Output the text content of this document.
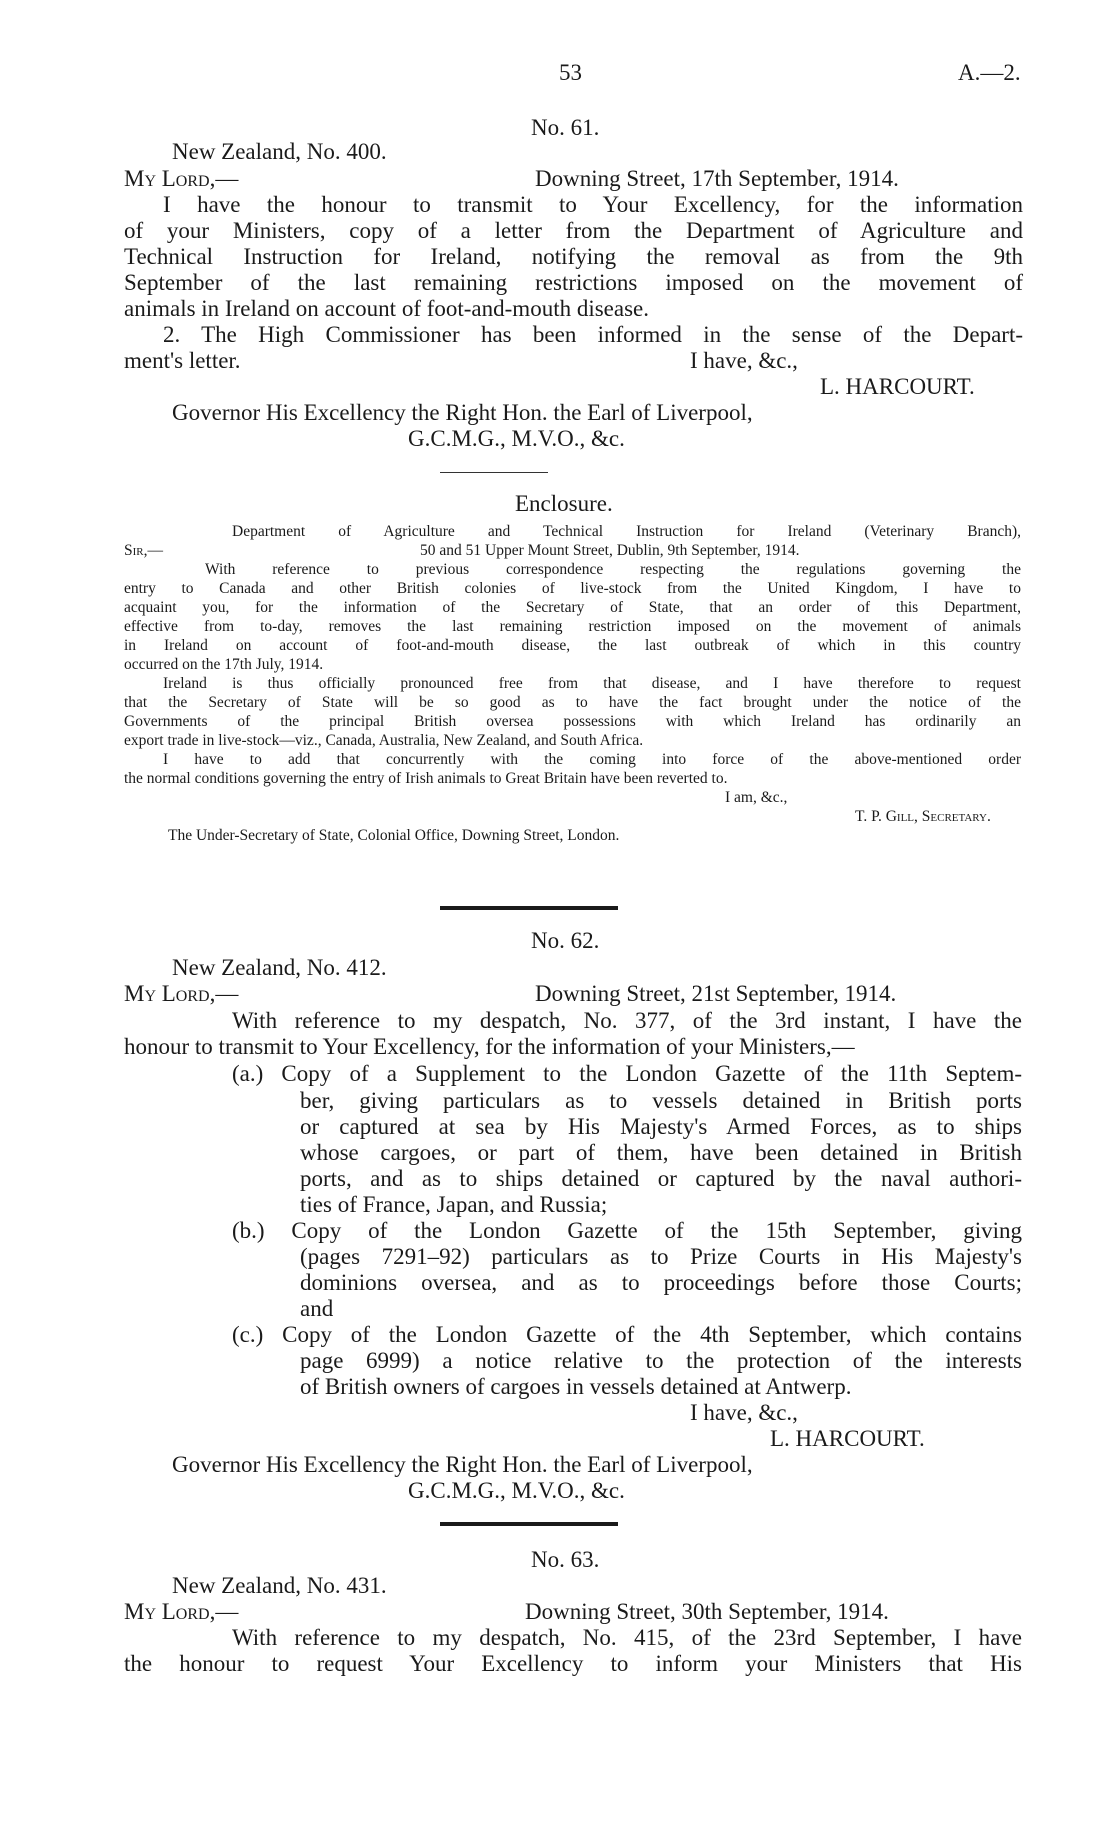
53	A.—2.
No. 61.
New Zealand, No. 400.
My Lord,—	Downing Street, 17th September, 1914.
I have the honour to transmit to Your Excellency, for the information
of your Ministers, copy of a letter from the Department of Agriculture and
Technical Instruction for Ireland, notifying the removal as from the 9th
September of the last remaining restrictions imposed on the movement of
animals in Ireland on account of foot-and-mouth disease.
2. The High Commissioner has been informed in the sense of the Depart-
ment's letter.	I have, &c.,
L. HARCOURT.
Governor His Excellency the Right Hon. the Earl of Liverpool,
G.C.M.G., M.V.O., &c.
Enclosure.
Department of Agriculture and Technical Instruction for Ireland (Veterinary Branch),
Sir,—	50 and 51 Upper Mount Street, Dublin, 9th September, 1914.
With reference to previous correspondence respecting the regulations governing the
entry to Canada and other British colonies of live-stock from the United Kingdom, I have to
acquaint you, for the information of the Secretary of State, that an order of this Department,
effective from to-day, removes the last remaining restriction imposed on the movement of animals
in Ireland on account of foot-and-mouth disease, the last outbreak of which in this country
occurred on the 17th July, 1914.
Ireland is thus officially pronounced free from that disease, and I have therefore to request
that the Secretary of State will be so good as to have the fact brought under the notice of the
Governments of the principal British oversea possessions with which Ireland has ordinarily an
export trade in live-stock—viz., Canada, Australia, New Zealand, and South Africa.
I have to add that concurrently with the coming into force of the above-mentioned order
the normal conditions governing the entry of Irish animals to Great Britain have been reverted to.
I am, &c.,
T. P. Gill, Secretary.
The Under-Secretary of State, Colonial Office, Downing Street, London.
No. 62.
New Zealand, No. 412.
My Lord,—	Downing Street, 21st September, 1914.
With reference to my despatch, No. 377, of the 3rd instant, I have the
honour to transmit to Your Excellency, for the information of your Ministers,—
(a.) Copy of a Supplement to the London Gazette of the 11th Septem-
ber, giving particulars as to vessels detained in British ports
or captured at sea by His Majesty's Armed Forces, as to ships
whose cargoes, or part of them, have been detained in British
ports, and as to ships detained or captured by the naval authori-
ties of France, Japan, and Russia;
(b.) Copy of the London Gazette of the 15th September, giving
(pages 7291–92) particulars as to Prize Courts in His Majesty's
dominions oversea, and as to proceedings before those Courts;
and
(c.) Copy of the London Gazette of the 4th September, which contains
page 6999) a notice relative to the protection of the interests
of British owners of cargoes in vessels detained at Antwerp.
I have, &c.,
L. HARCOURT.
Governor His Excellency the Right Hon. the Earl of Liverpool,
G.C.M.G., M.V.O., &c.
No. 63.
New Zealand, No. 431.
My Lord,—	Downing Street, 30th September, 1914.
With reference to my despatch, No. 415, of the 23rd September, I have
the honour to request Your Excellency to inform your Ministers that His
